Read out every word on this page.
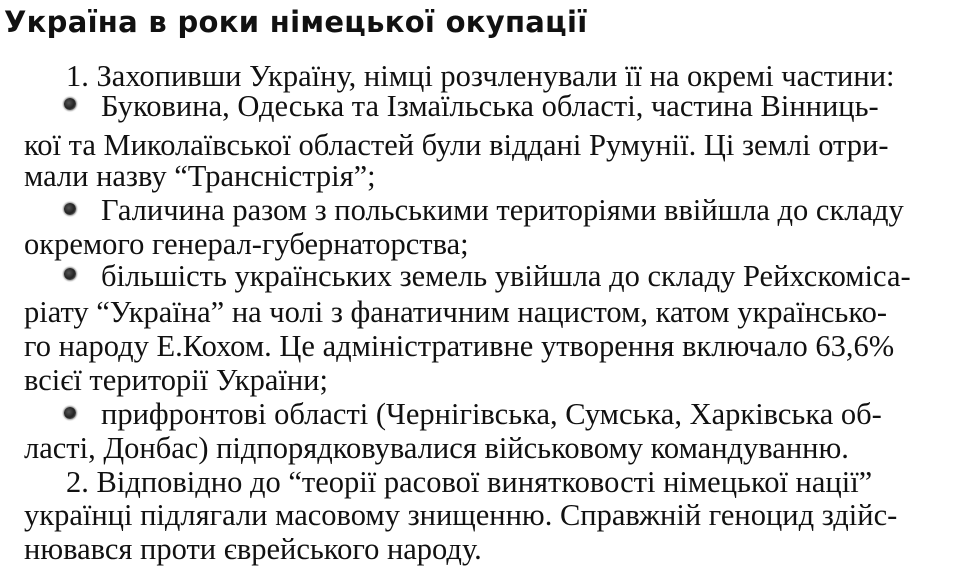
Україна в роки німецької окупації
1. Захопивши Україну, німці розчленували її на окремі частини:
Буковина, Одеська та Ізмаїльська області, частина Вінниць-
кої та Миколаївської областей були віддані Румунії. Ці землі отри-
мали назву “Трансністрія”;
Галичина разом з польськими територіями ввійшла до складу
окремого генерал-губернаторства;
більшість українських земель увійшла до складу Рейхскоміса-
ріату “Україна” на чолі з фанатичним нацистом, катом українсько-
го народу Е.Кохом. Це адміністративне утворення включало 63,6%
всієї території України;
прифронтові області (Чернігівська, Сумська, Харківська об-
ласті, Донбас) підпорядковувалися військовому командуванню.
2. Відповідно до “теорії расової винятковості німецької нації”
українці підлягали масовому знищенню. Справжній геноцид здійс-
нювався проти єврейського народу.
